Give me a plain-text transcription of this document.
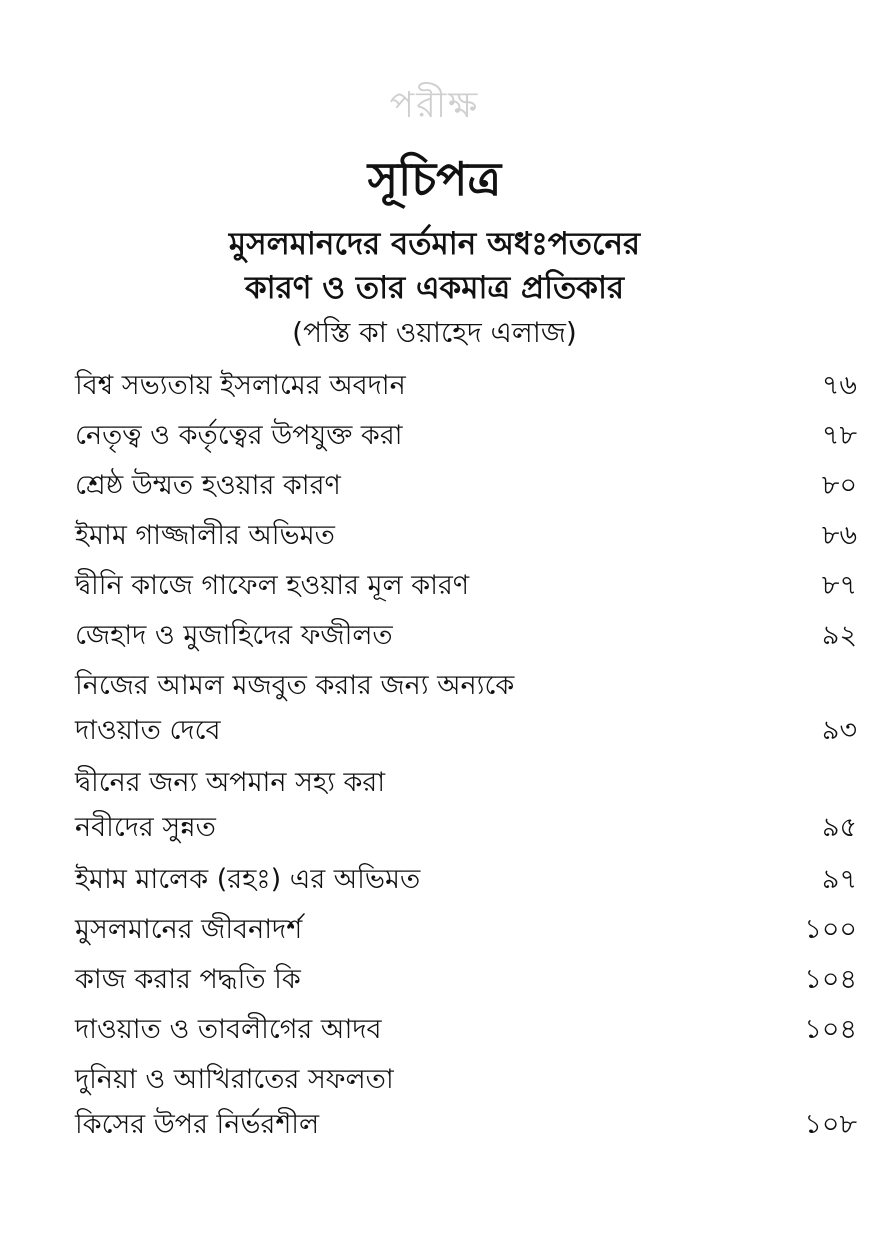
পরীক্ষ
সূচিপত্র
মুসলমানদের বর্তমান অধঃপতনের
কারণ ও তার একমাত্র প্রতিকার
(পস্তি কা ওয়াহেদ এলাজ)
বিশ্ব সভ্যতায় ইসলামের অবদান	৭৬
নেতৃত্ব ও কর্তৃত্বের উপযুক্ত করা	৭৮
শ্রেষ্ঠ উম্মত হওয়ার কারণ	৮০
ইমাম গাজ্জালীর অভিমত	৮৬
দ্বীনি কাজে গাফেল হওয়ার মূল কারণ	৮৭
জেহাদ ও মুজাহিদের ফজীলত	৯২
নিজের আমল মজবুত করার জন্য অন্যকে
দাওয়াত দেবে	৯৩
দ্বীনের জন্য অপমান সহ্য করা
নবীদের সুন্নত	৯৫
ইমাম মালেক (রহঃ) এর অভিমত	৯৭
মুসলমানের জীবনাদর্শ	১০০
কাজ করার পদ্ধতি কি	১০৪
দাওয়াত ও তাবলীগের আদব	১০৪
দুনিয়া ও আখিরাতের সফলতা
কিসের উপর নির্ভরশীল	১০৮
